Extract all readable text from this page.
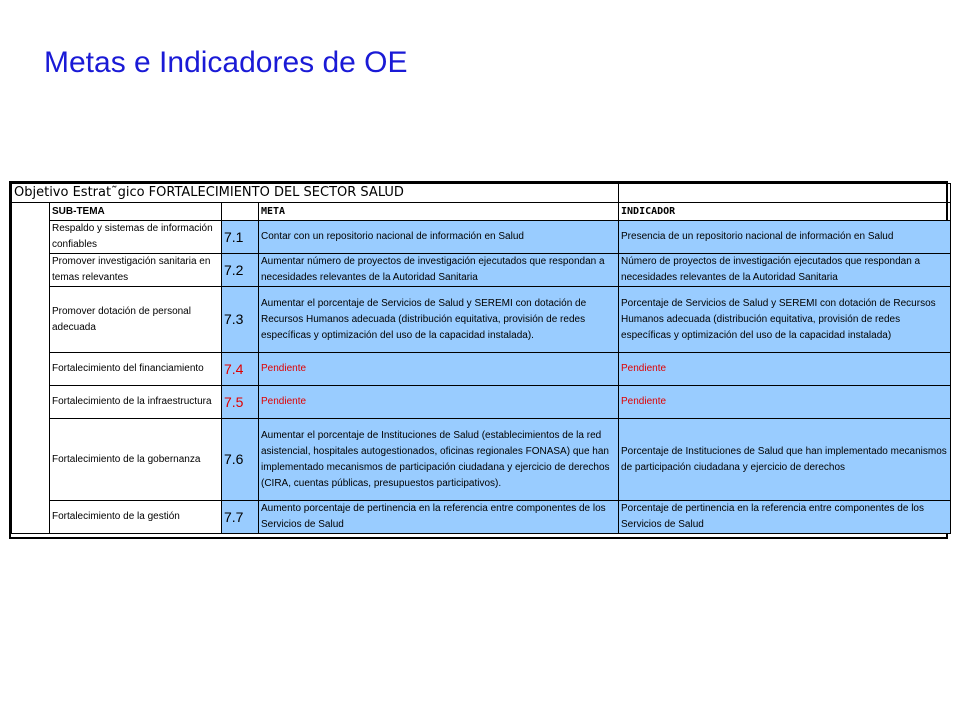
Metas e Indicadores de OE
Objetivo Estrat˜gico FORTALECIMIENTO DEL SECTOR SALUD				
	SUB-TEMA		META	INDICADOR
	Respaldo y sistemas de información confiables	7.1	Contar con un repositorio nacional de información en Salud	Presencia de un repositorio nacional de información en Salud
	Promover investigación sanitaria en temas relevantes	7.2	Aumentar número de proyectos de investigación ejecutados que respondan a necesidades relevantes de la Autoridad Sanitaria	Número de proyectos de investigación ejecutados que respondan a necesidades relevantes de la Autoridad Sanitaria
	Promover dotación de personal adecuada	7.3	Aumentar el porcentaje de Servicios de Salud y SEREMI con dotación de Recursos Humanos adecuada (distribución equitativa, provisión de redes específicas y optimización del uso de la capacidad instalada).	Porcentaje de Servicios de Salud y SEREMI con dotación de Recursos Humanos adecuada (distribución equitativa, provisión de redes específicas y optimización del uso de la capacidad instalada)
	Fortalecimiento del financiamiento	7.4	Pendiente	Pendiente
	Fortalecimiento de la infraestructura	7.5	Pendiente	Pendiente
	Fortalecimiento de la gobernanza	7.6	Aumentar el porcentaje de Instituciones de Salud (establecimientos de la red asistencial, hospitales autogestionados, oficinas regionales FONASA) que han implementado mecanismos de participación ciudadana y ejercicio de derechos (CIRA, cuentas públicas, presupuestos participativos).	Porcentaje de Instituciones de Salud que han implementado mecanismos de participación ciudadana y ejercicio de derechos
	Fortalecimiento de la gestión	7.7	Aumento porcentaje de pertinencia en la referencia entre componentes de los Servicios de Salud	Porcentaje de pertinencia en la referencia entre componentes de los Servicios de Salud
